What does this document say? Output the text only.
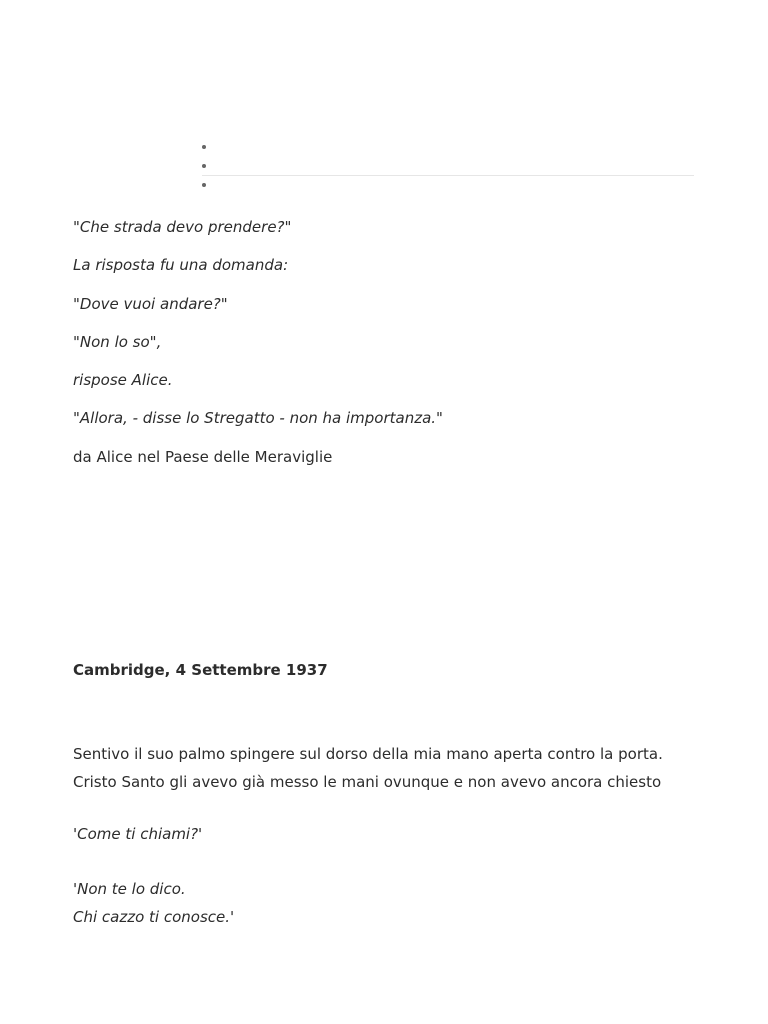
"Che strada devo prendere?"

La risposta fu una domanda:

"Dove vuoi andare?"

"Non lo so",

rispose Alice.

"Allora, - disse lo Stregatto - non ha importanza."

da Alice nel Paese delle Meraviglie

Cambridge, 4 Settembre 1937

Sentivo il suo palmo spingere sul dorso della mia mano aperta contro la porta.
Cristo Santo gli avevo già messo le mani ovunque e non avevo ancora chiesto

'Come ti chiami?'

'Non te lo dico.
Chi cazzo ti conosce.'
